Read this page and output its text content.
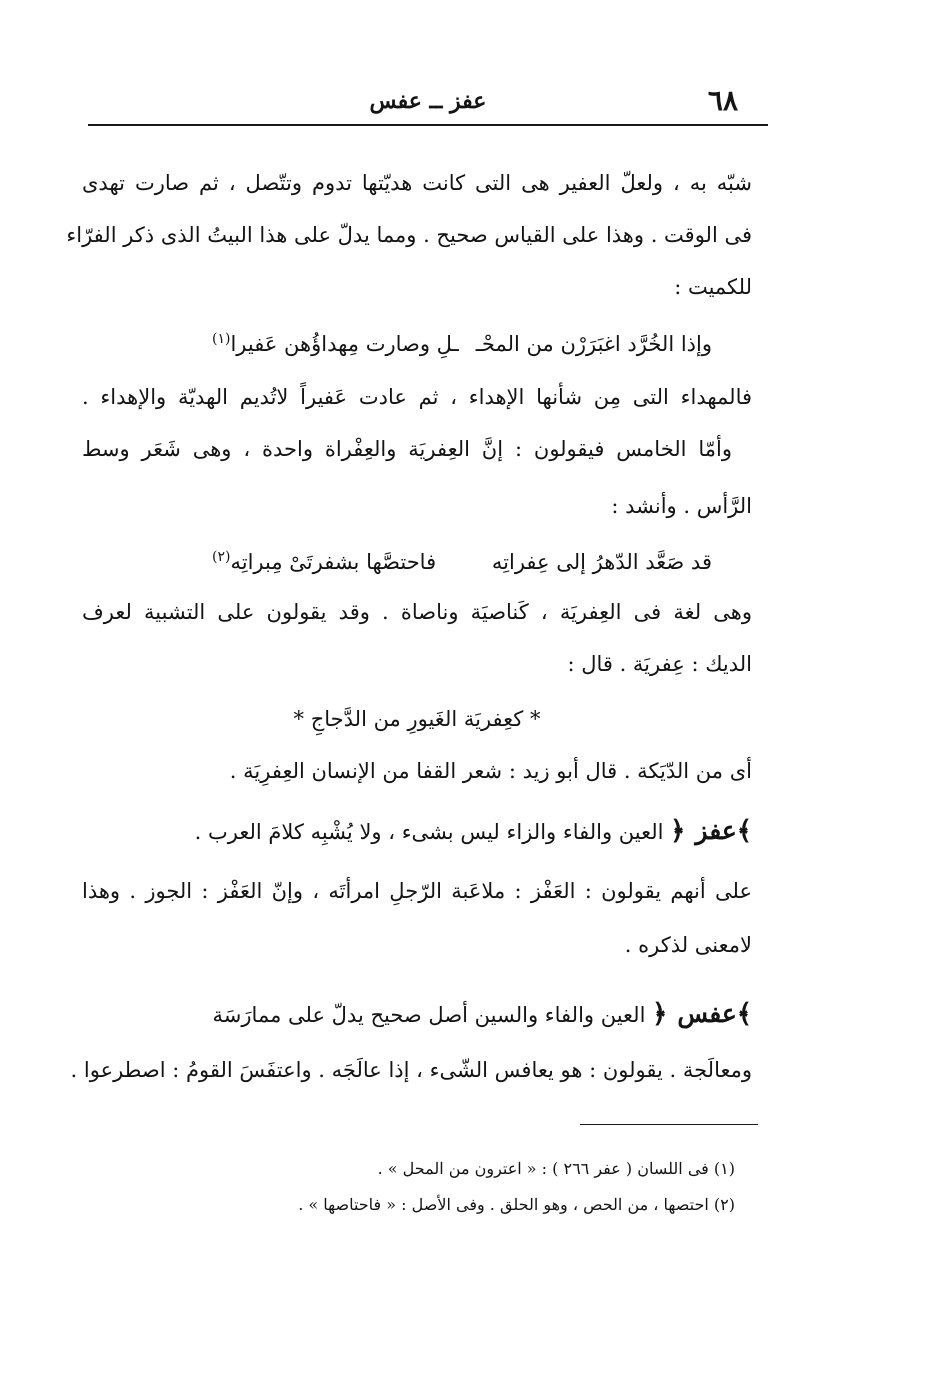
٦٨

عفز ــ عفس

شبّه به ، ولعلّ العفير هى التى كانت هديّتها تدوم وتتّصل ، ثم صارت تهدى

فى الوقت . وهذا على القياس صحيح . ومما يدلّ على هذا البيتُ الذى ذكر الفرّاء

للكميت :

وإذا الخُرَّد اغبَرَرْن من المحْـ
ـلِ وصارت مِهداؤُهن عَفيرا$^{(١)}$

فالمهداء التى مِن شأنها الإهداء ، ثم عادت عَفيراً لاتُديم الهديّة والإهداء .

وأمّا الخامس فيقولون : إنَّ العِفريَة والعِفْراة واحدة ، وهى شَعَر وسط

الرَّأس . وأنشد :

قد صَعَّد الدّهرُ إلى عِفراتِه
فاحتصَّها بشفرتَىْ مِبراتِه$^{(٢)}$

وهى لغة فى العِفريَة ، كَناصيَة وناصاة . وقد يقولون على التشبية لعرف

الديك : عِفريَة . قال :

* كعِفريَة الغَيورِ من الدَّجاجِ *

أى من الدّيَكة . قال أبو زيد : شعر القفا من الإنسان العِفرِيَة .

﴾عفز﴿ العين والفاء والزاء ليس بشىء ، ولا يُشْبِه كلامَ العرب .

على أنهم يقولون : العَفْز : ملاعَبة الرّجلِ امرأتَه ، وإنّ العَفْز : الجوز . وهذا

لامعنى لذكره .

﴾عفس﴿ العين والفاء والسين أصل صحيح يدلّ على ممارَسَة

ومعالَجة . يقولون : هو يعافس الشّىء ، إذا عالَجَه . واعتفَسَ القومُ : اصطرعوا .

(١) فى اللسان ( عفر ٢٦٦ ) : « اعترون من المحل » .

(٢) احتصها ، من الحص ، وهو الحلق . وفى الأصل : « فاحتاصها » .
